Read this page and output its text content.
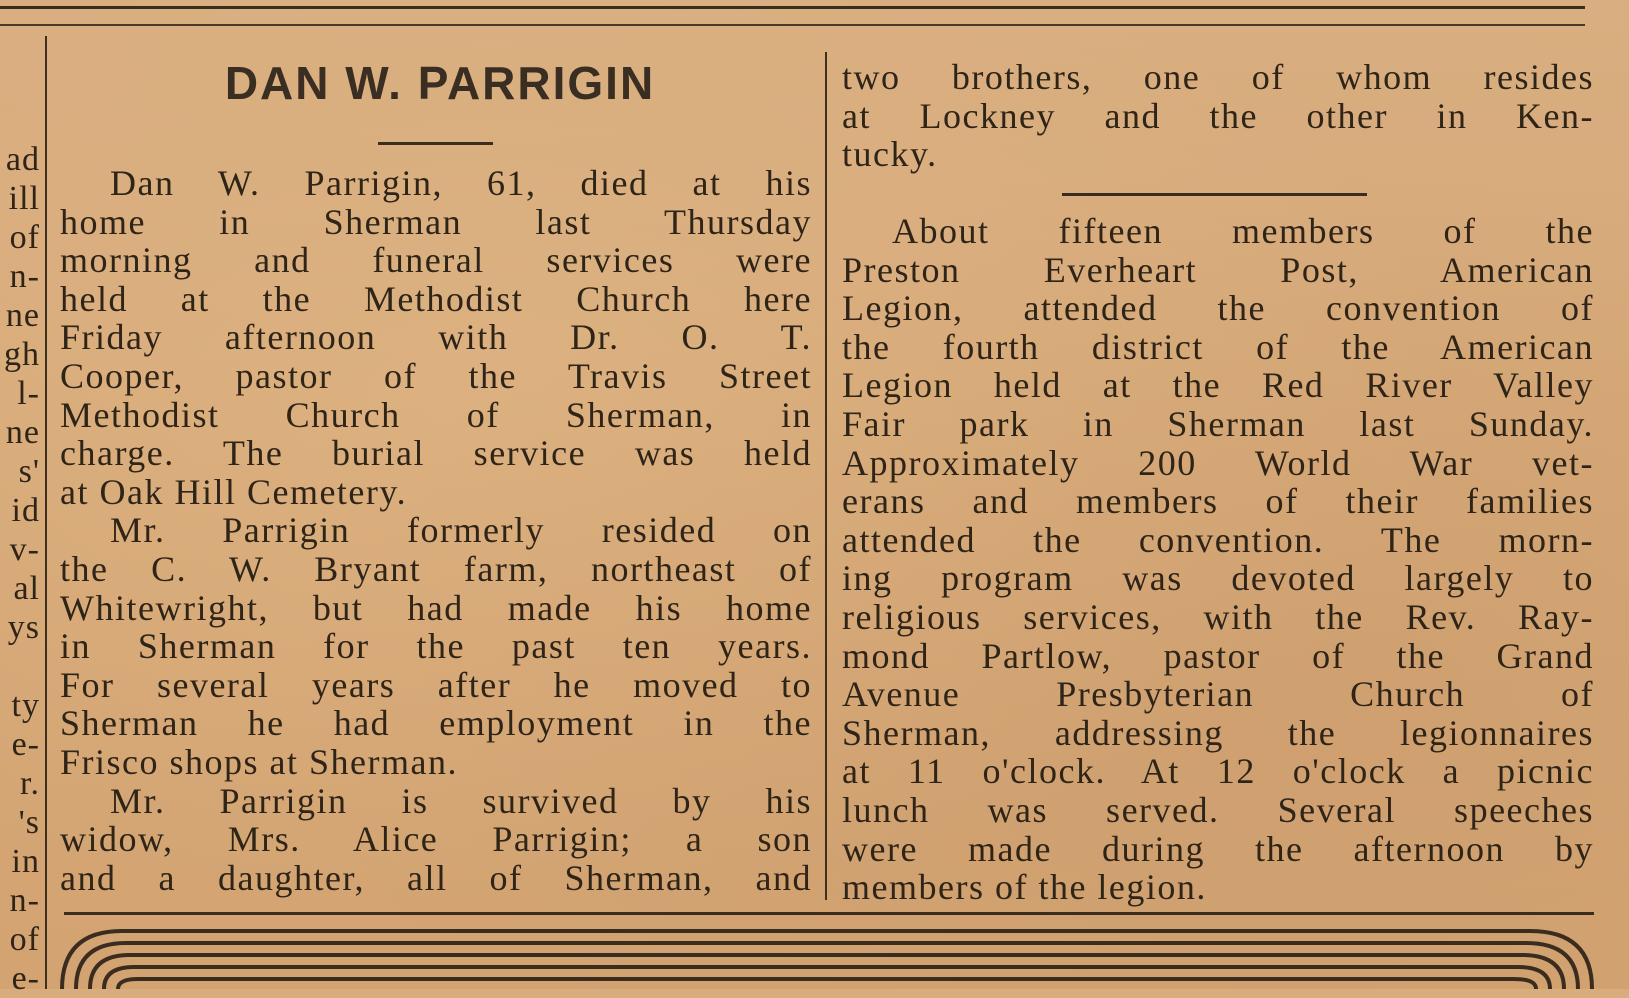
ad
ill
of
n-
ne
gh
l-
ne
s'
id
v-
al
ys
ty
e-
r.
's
in
n-
of
e-
DAN W. PARRIGIN
Dan W. Parrigin, 61, died at his
home in Sherman last Thursday
morning and funeral services were
held at the Methodist Church here
Friday afternoon with Dr. O. T.
Cooper, pastor of the Travis Street
Methodist Church of Sherman, in
charge. The burial service was held
at Oak Hill Cemetery.
Mr. Parrigin formerly resided on
the C. W. Bryant farm, northeast of
Whitewright, but had made his home
in Sherman for the past ten years.
For several years after he moved to
Sherman he had employment in the
Frisco shops at Sherman.
Mr. Parrigin is survived by his
widow, Mrs. Alice Parrigin; a son
and a daughter, all of Sherman, and
two brothers, one of whom resides
at Lockney and the other in Ken-
tucky.
About fifteen members of the
Preston Everheart Post, American
Legion, attended the convention of
the fourth district of the American
Legion held at the Red River Valley
Fair park in Sherman last Sunday.
Approximately 200 World War vet-
erans and members of their families
attended the convention. The morn-
ing program was devoted largely to
religious services, with the Rev. Ray-
mond Partlow, pastor of the Grand
Avenue Presbyterian Church of
Sherman, addressing the legionnaires
at 11 o'clock. At 12 o'clock a picnic
lunch was served. Several speeches
were made during the afternoon by
members of the legion.
